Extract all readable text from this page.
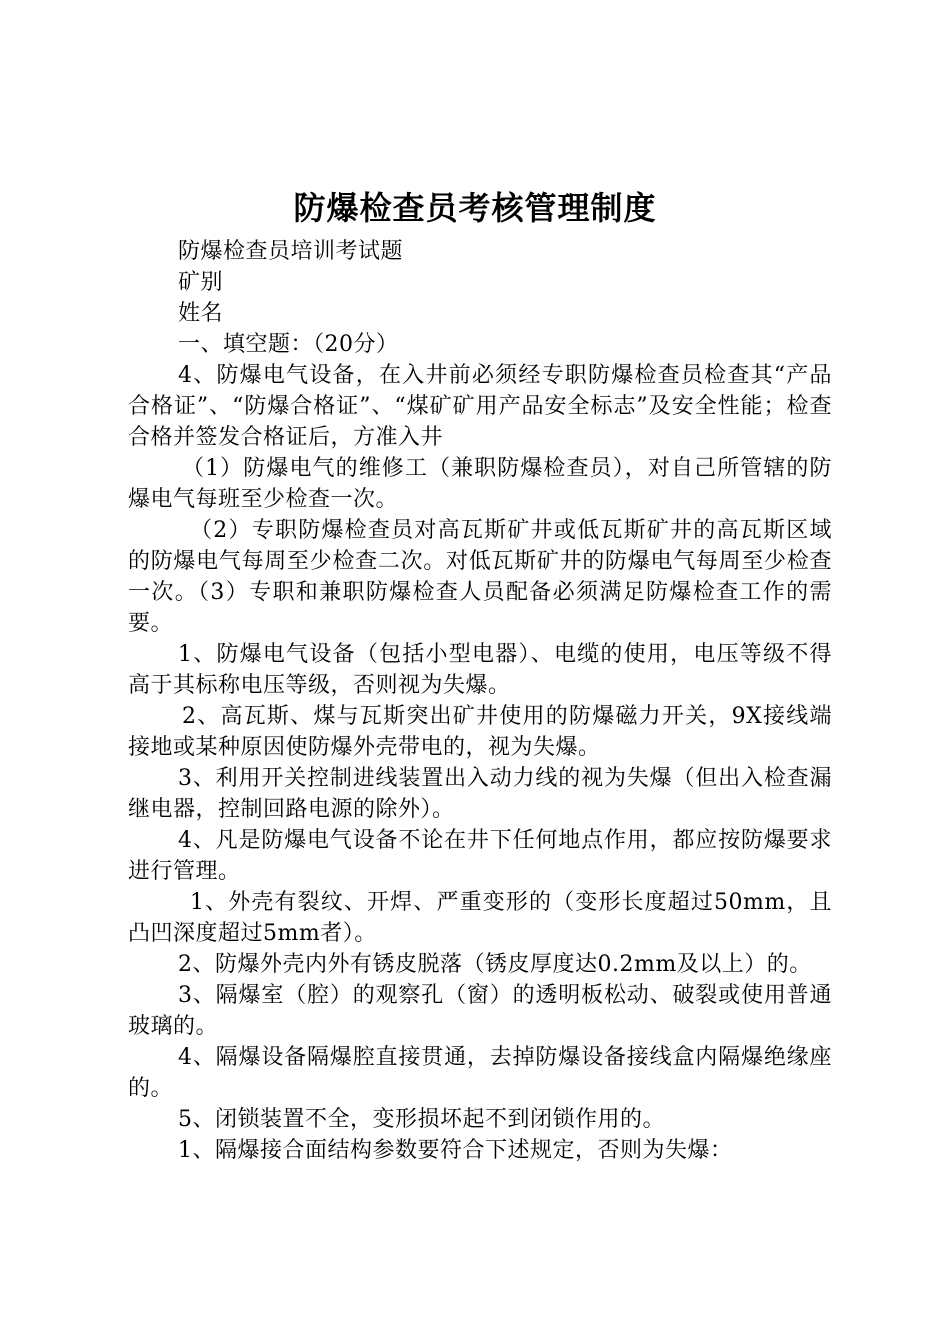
防爆检查员考核管理制度

防爆检查员培训考试题

矿别

姓名

一、填空题：（20分）

4、防爆电气设备，在入井前必须经专职防爆检查员检查其“产品合格证”、“防爆合格证”、“煤矿矿用产品安全标志”及安全性能；检查合格并签发合格证后，方准入井

（1）防爆电气的维修工（兼职防爆检查员），对自己所管辖的防爆电气每班至少检查一次。

（2）专职防爆检查员对高瓦斯矿井或低瓦斯矿井的高瓦斯区域的防爆电气每周至少检查二次。对低瓦斯矿井的防爆电气每周至少检查一次。（3）专职和兼职防爆检查人员配备必须满足防爆检查工作的需要。

1、防爆电气设备（包括小型电器）、电缆的使用，电压等级不得高于其标称电压等级，否则视为失爆。

2、高瓦斯、煤与瓦斯突出矿井使用的防爆磁力开关，9X接线端接地或某种原因使防爆外壳带电的，视为失爆。

3、利用开关控制进线装置出入动力线的视为失爆（但出入检查漏继电器，控制回路电源的除外）。

4、凡是防爆电气设备不论在井下任何地点作用，都应按防爆要求进行管理。

1、外壳有裂纹、开焊、严重变形的（变形长度超过50mm，且凸凹深度超过5mm者）。

2、防爆外壳内外有锈皮脱落（锈皮厚度达0.2mm及以上）的。

3、隔爆室（腔）的观察孔（窗）的透明板松动、破裂或使用普通玻璃的。

4、隔爆设备隔爆腔直接贯通，去掉防爆设备接线盒内隔爆绝缘座的。

5、闭锁装置不全，变形损坏起不到闭锁作用的。

1、隔爆接合面结构参数要符合下述规定，否则为失爆：
